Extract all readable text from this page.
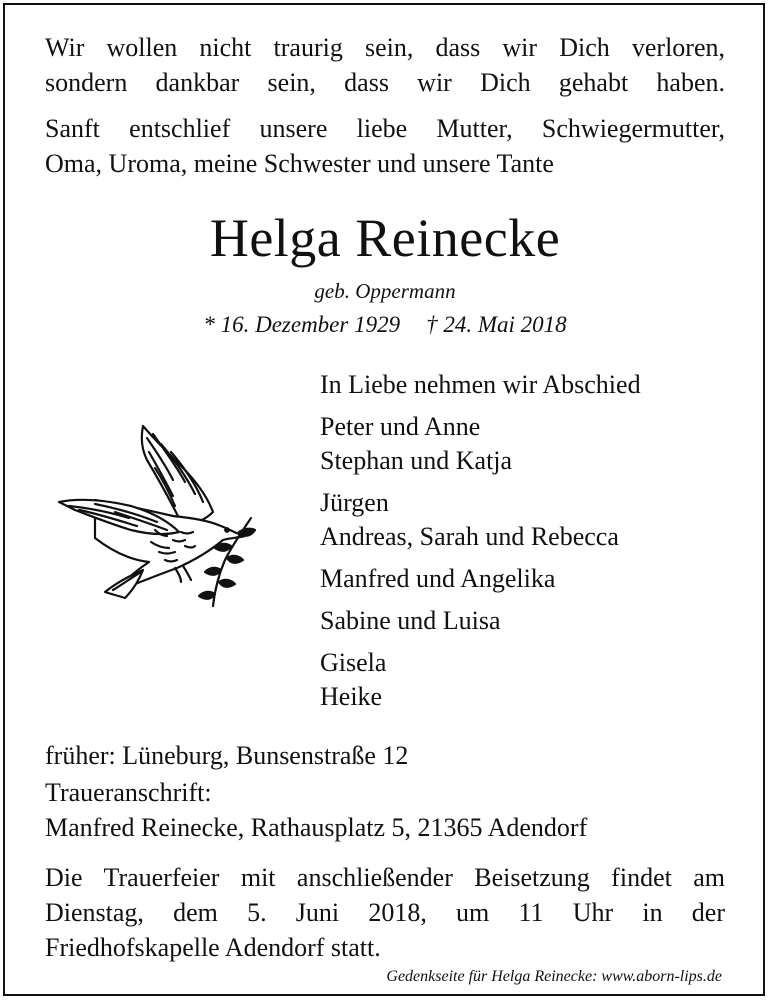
Wir wollen nicht traurig sein, dass wir Dich verloren,
sondern dankbar sein, dass wir Dich gehabt haben.
Sanft entschlief unsere liebe Mutter, Schwiegermutter,
Oma, Uroma, meine Schwester und unsere Tante
Helga Reinecke
geb. Oppermann
* 16. Dezember 1929 † 24. Mai 2018
In Liebe nehmen wir Abschied
Peter und Anne
Stephan und Katja
Jürgen
Andreas, Sarah und Rebecca
Manfred und Angelika
Sabine und Luisa
Gisela
Heike
früher: Lüneburg, Bunsenstraße 12
Traueranschrift:
Manfred Reinecke, Rathausplatz 5, 21365 Adendorf
Die Trauerfeier mit anschließender Beisetzung findet am
Dienstag, dem 5. Juni 2018, um 11 Uhr in der
Friedhofskapelle Adendorf statt.
Gedenkseite für Helga Reinecke: www.aborn-lips.de
